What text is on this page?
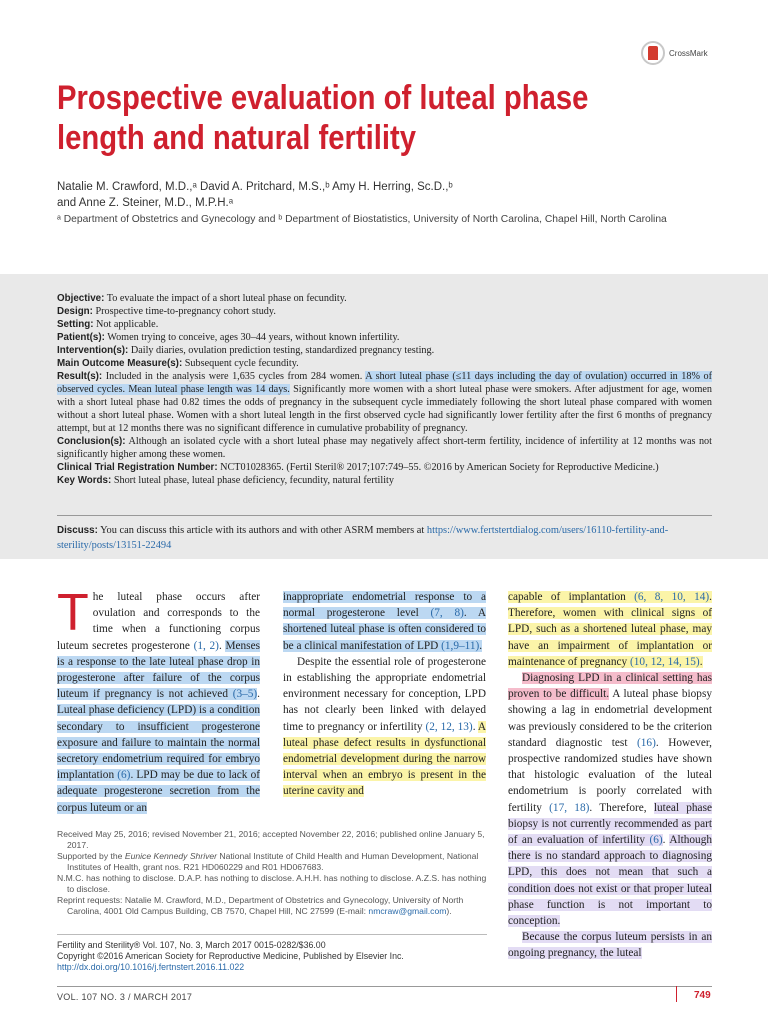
CrossMark
Prospective evaluation of luteal phase length and natural fertility
Natalie M. Crawford, M.D.,ᵃ David A. Pritchard, M.S.,ᵇ Amy H. Herring, Sc.D.,ᵇ
and Anne Z. Steiner, M.D., M.P.H.ᵃ
ᵃ Department of Obstetrics and Gynecology and ᵇ Department of Biostatistics, University of North Carolina, Chapel Hill, North Carolina

Objective: To evaluate the impact of a short luteal phase on fecundity.

Design: Prospective time-to-pregnancy cohort study.

Setting: Not applicable.

Patient(s): Women trying to conceive, ages 30–44 years, without known infertility.

Intervention(s): Daily diaries, ovulation prediction testing, standardized pregnancy testing.

Main Outcome Measure(s): Subsequent cycle fecundity.

Result(s): Included in the analysis were 1,635 cycles from 284 women. A short luteal phase (≤11 days including the day of ovulation) occurred in 18% of observed cycles. Mean luteal phase length was 14 days. Significantly more women with a short luteal phase were smokers. After adjustment for age, women with a short luteal phase had 0.82 times the odds of pregnancy in the subsequent cycle immediately following the short luteal phase compared with women without a short luteal phase. Women with a short luteal length in the first observed cycle had significantly lower fertility after the first 6 months of pregnancy attempt, but at 12 months there was no significant difference in cumulative probability of pregnancy.

Conclusion(s): Although an isolated cycle with a short luteal phase may negatively affect short-term fertility, incidence of infertility at 12 months was not significantly higher among these women.

Clinical Trial Registration Number: NCT01028365. (Fertil Steril® 2017;107:749–55. ©2016 by American Society for Reproductive Medicine.)

Key Words: Short luteal phase, luteal phase deficiency, fecundity, natural fertility

Discuss: You can discuss this article with its authors and with other ASRM members at https://www.fertstertdialog.com/users/16110-fertility-and-sterility/posts/13151-22494

T he luteal phase occurs after ovulation and corresponds to the time when a functioning corpus luteum secretes progesterone (1, 2). Menses is a response to the late luteal phase drop in progesterone after failure of the corpus luteum if pregnancy is not achieved (3–5). Luteal phase deficiency (LPD) is a condition secondary to insufficient progesterone exposure and failure to maintain the normal secretory endometrium required for embryo implantation (6). LPD may be due to lack of adequate progesterone secretion from the corpus luteum or an

inappropriate endometrial response to a normal progesterone level (7, 8). A shortened luteal phase is often considered to be a clinical manifestation of LPD (1,9–11).

Despite the essential role of progesterone in establishing the appropriate endometrial environment necessary for conception, LPD has not clearly been linked with delayed time to pregnancy or infertility (2, 12, 13). A luteal phase defect results in dysfunctional endometrial development during the narrow interval when an embryo is present in the uterine cavity and

capable of implantation (6, 8, 10, 14). Therefore, women with clinical signs of LPD, such as a shortened luteal phase, may have an impairment of implantation or maintenance of pregnancy (10, 12, 14, 15).

Diagnosing LPD in a clinical setting has proven to be difficult. A luteal phase biopsy showing a lag in endometrial development was previously considered to be the criterion standard diagnostic test (16). However, prospective randomized studies have shown that histologic evaluation of the luteal endometrium is poorly correlated with fertility (17, 18). Therefore, luteal phase biopsy is not currently recommended as part of an evaluation of infertility (6). Although there is no standard approach to diagnosing LPD, this does not mean that such a condition does not exist or that proper luteal phase function is not important to conception.

Because the corpus luteum persists in an ongoing pregnancy, the luteal

Received May 25, 2016; revised November 21, 2016; accepted November 22, 2016; published online January 5, 2017.

Supported by the Eunice Kennedy Shriver National Institute of Child Health and Human Development, National Institutes of Health, grant nos. R21 HD060229 and R01 HD067683.

N.M.C. has nothing to disclose. D.A.P. has nothing to disclose. A.H.H. has nothing to disclose. A.Z.S. has nothing to disclose.

Reprint requests: Natalie M. Crawford, M.D., Department of Obstetrics and Gynecology, University of North Carolina, 4001 Old Campus Building, CB 7570, Chapel Hill, NC 27599 (E-mail: nmcraw@gmail.com).

Fertility and Sterility® Vol. 107, No. 3, March 2017 0015-0282/$36.00
Copyright ©2016 American Society for Reproductive Medicine, Published by Elsevier Inc.
http://dx.doi.org/10.1016/j.fertnstert.2016.11.022
VOL. 107 NO. 3 / MARCH 2017	749
